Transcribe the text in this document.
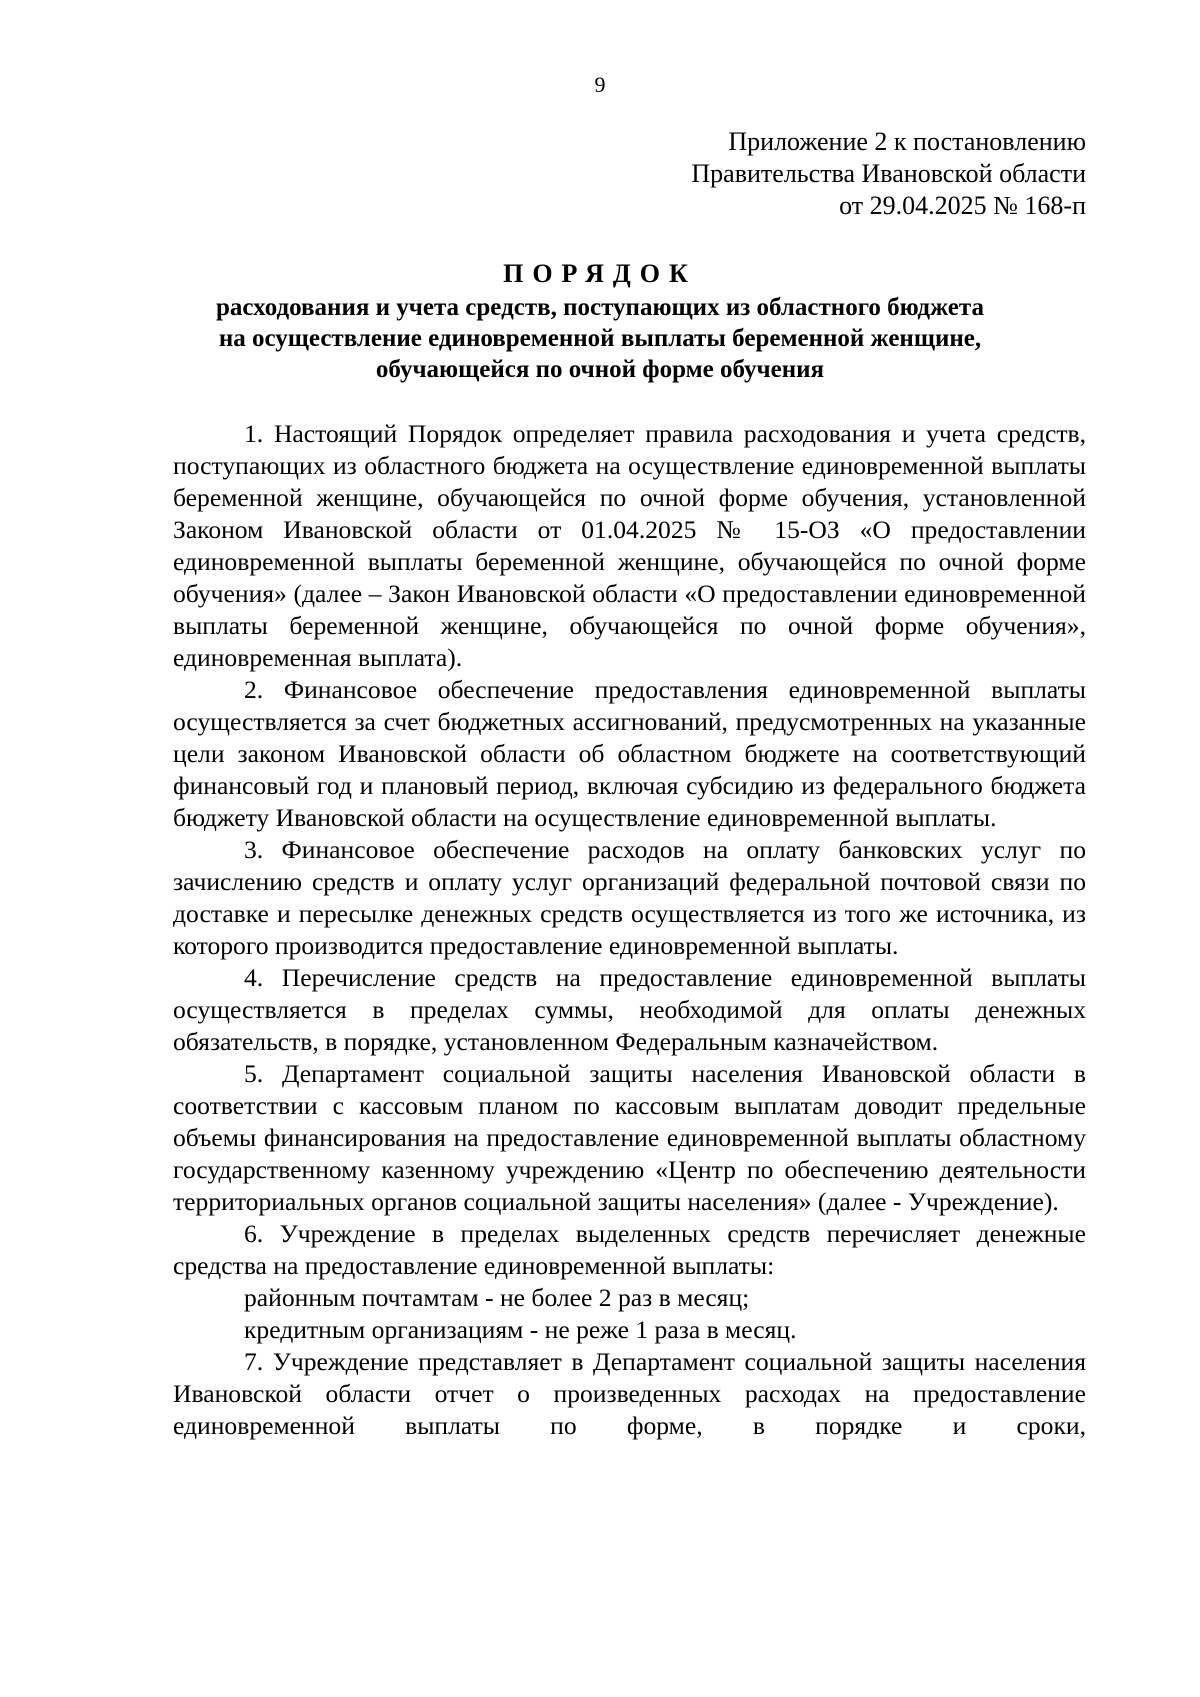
9
Приложение 2 к постановлению
Правительства Ивановской области
от 29.04.2025 № 168-п
ПОРЯДОК
расходования и учета средств, поступающих из областного бюджета
на осуществление единовременной выплаты беременной женщине,
обучающейся по очной форме обучения

1. Настоящий Порядок определяет правила расходования и учета средств, поступающих из областного бюджета на осуществление единовременной выплаты беременной женщине, обучающейся по очной форме обучения, установленной Законом Ивановской области от 01.04.2025 № 15-ОЗ «О предоставлении единовременной выплаты беременной женщине, обучающейся по очной форме обучения» (далее – Закон Ивановской области «О предоставлении единовременной выплаты беременной женщине, обучающейся по очной форме обучения», единовременная выплата).

2. Финансовое обеспечение предоставления единовременной выплаты осуществляется за счет бюджетных ассигнований, предусмотренных на указанные цели законом Ивановской области об областном бюджете на соответствующий финансовый год и плановый период, включая субсидию из федерального бюджета бюджету Ивановской области на осуществление единовременной выплаты.

3. Финансовое обеспечение расходов на оплату банковских услуг по зачислению средств и оплату услуг организаций федеральной почтовой связи по доставке и пересылке денежных средств осуществляется из того же источника, из которого производится предоставление единовременной выплаты.

4. Перечисление средств на предоставление единовременной выплаты осуществляется в пределах суммы, необходимой для оплаты денежных обязательств, в порядке, установленном Федеральным казначейством.

5. Департамент социальной защиты населения Ивановской области в соответствии с кассовым планом по кассовым выплатам доводит предельные объемы финансирования на предоставление единовременной выплаты областному государственному казенному учреждению «Центр по обеспечению деятельности территориальных органов социальной защиты населения» (далее - Учреждение).

6. Учреждение в пределах выделенных средств перечисляет денежные средства на предоставление единовременной выплаты:

районным почтамтам - не более 2 раз в месяц;

кредитным организациям - не реже 1 раза в месяц.

7. Учреждение представляет в Департамент социальной защиты населения Ивановской области отчет о произведенных расходах на предоставление единовременной выплаты по форме, в порядке и сроки,
